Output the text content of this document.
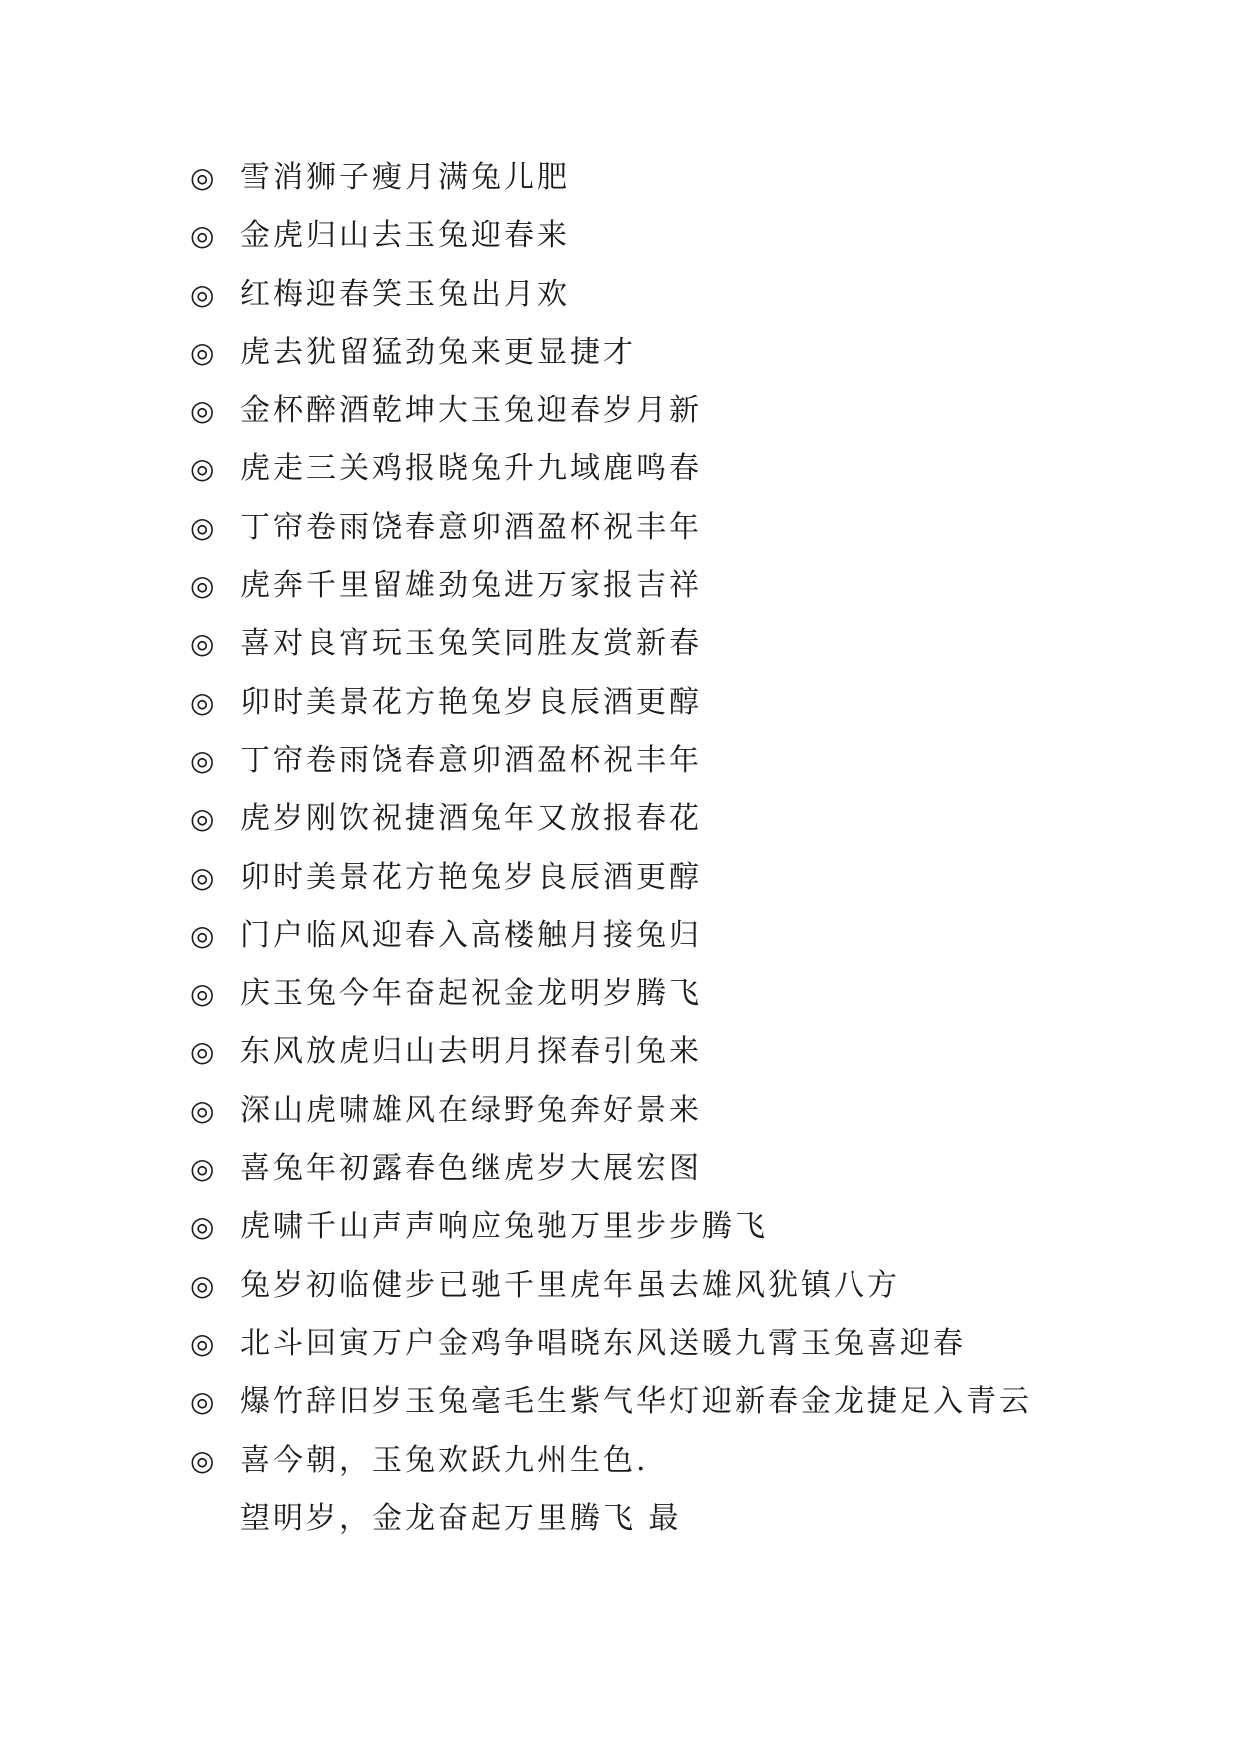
◎ 雪消狮子瘦月满兔儿肥
◎ 金虎归山去玉兔迎春来
◎ 红梅迎春笑玉兔出月欢
◎ 虎去犹留猛劲兔来更显捷才
◎ 金杯醉酒乾坤大玉兔迎春岁月新
◎ 虎走三关鸡报晓兔升九域鹿鸣春
◎ 丁帘卷雨饶春意卯酒盈杯祝丰年
◎ 虎奔千里留雄劲兔进万家报吉祥
◎ 喜对良宵玩玉兔笑同胜友赏新春
◎ 卯时美景花方艳兔岁良辰酒更醇
◎ 丁帘卷雨饶春意卯酒盈杯祝丰年
◎ 虎岁刚饮祝捷酒兔年又放报春花
◎ 卯时美景花方艳兔岁良辰酒更醇
◎ 门户临风迎春入高楼触月接兔归
◎ 庆玉兔今年奋起祝金龙明岁腾飞
◎ 东风放虎归山去明月探春引兔来
◎ 深山虎啸雄风在绿野兔奔好景来
◎ 喜兔年初露春色继虎岁大展宏图
◎ 虎啸千山声声响应兔驰万里步步腾飞
◎ 兔岁初临健步已驰千里虎年虽去雄风犹镇八方
◎ 北斗回寅万户金鸡争唱晓东风送暖九霄玉兔喜迎春
◎ 爆竹辞旧岁玉兔毫毛生紫气华灯迎新春金龙捷足入青云
◎ 喜今朝，玉兔欢跃九州生色.
望明岁，金龙奋起万里腾飞 最
